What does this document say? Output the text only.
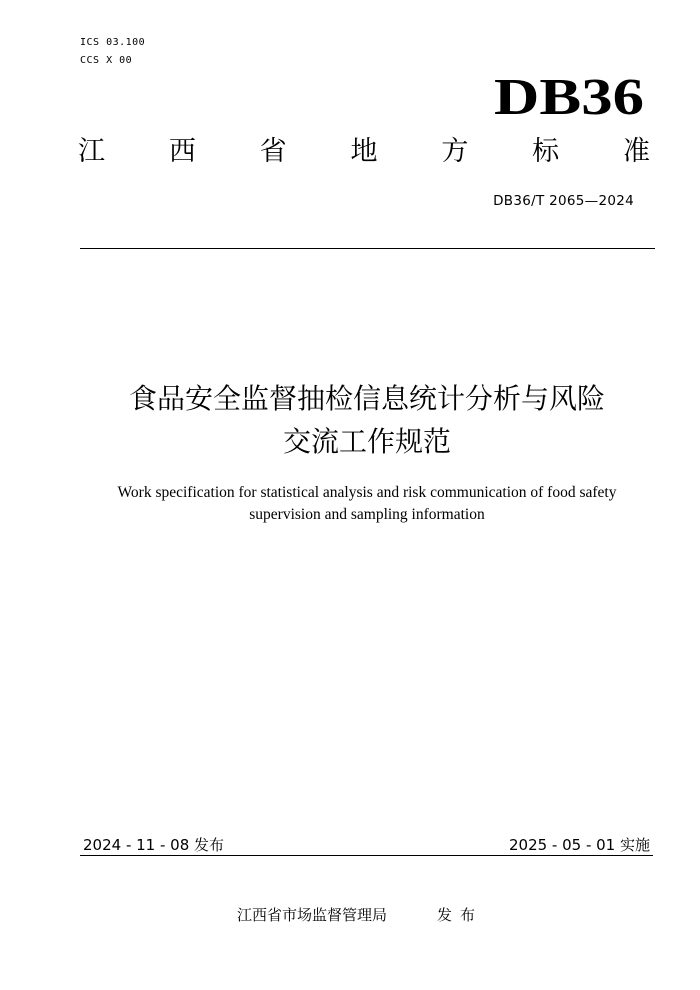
ICS 03.100
CCS X 00
DB36
江 西 省 地 方 标 准
DB36/T 2065—2024
食品安全监督抽检信息统计分析与风险
交流工作规范
Work specification for statistical analysis and risk communication of food safety
supervision and sampling information
2024 - 11 - 08 发布	2025 - 05 - 01 实施
江西省市场监督管理局	发布
